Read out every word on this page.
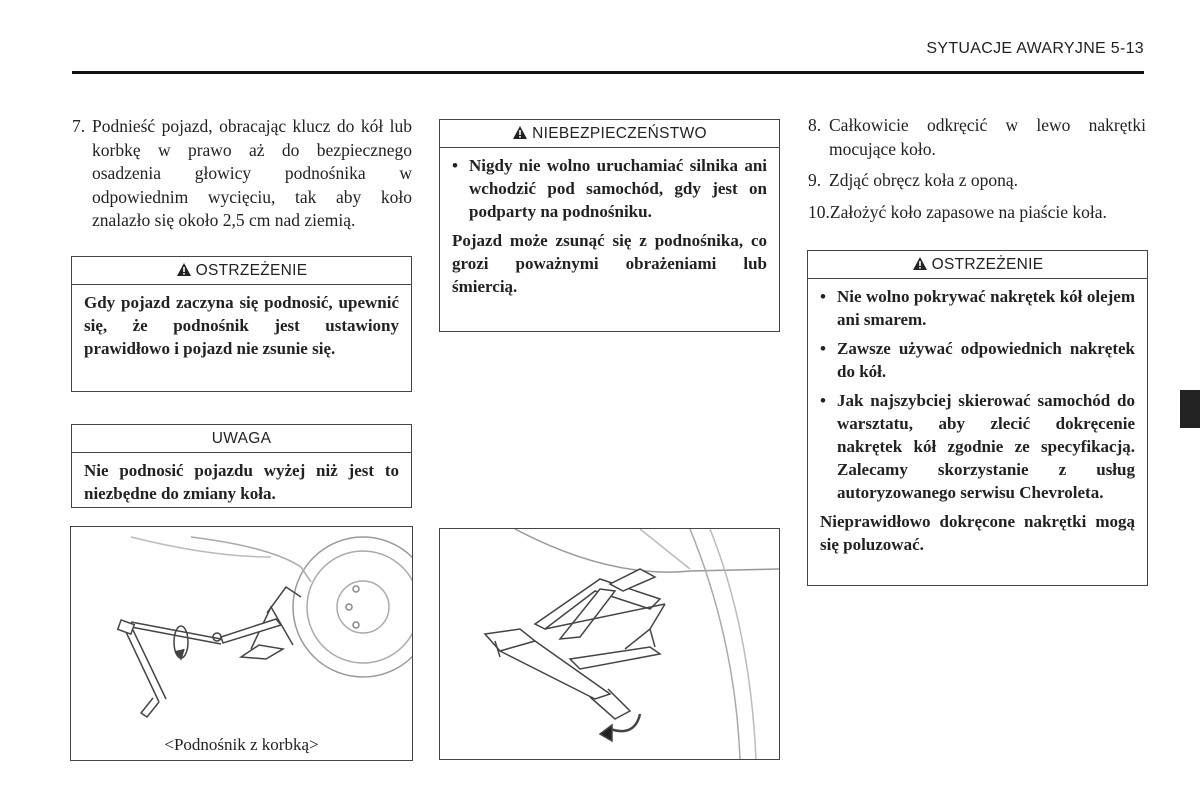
SYTUACJE AWARYJNE 5-13
7. Podnieść pojazd, obracając klucz do kół lub korbkę w prawo aż do bezpiecznego osadzenia głowicy podnośnika w odpowiednim wycięciu, tak aby koło znalazło się około 2,5 cm nad ziemią.
OSTRZEŻENIE
Gdy pojazd zaczyna się podnosić, upewnić się, że podnośnik jest ustawiony prawidłowo i pojazd nie zsunie się.
UWAGA
Nie podnosić pojazdu wyżej niż jest to niezbędne do zmiany koła.
NIEBEZPIECZEŃSTWO
• Nigdy nie wolno uruchamiać silnika ani wchodzić pod samochód, gdy jest on podparty na podnośniku.
Pojazd może zsunąć się z podnośnika, co grozi poważnymi obrażeniami lub śmiercią.
8. Całkowicie odkręcić w lewo nakrętki mocujące koło.
9. Zdjąć obręcz koła z oponą.
10.Założyć koło zapasowe na piaście koła.
OSTRZEŻENIE
• Nie wolno pokrywać nakrętek kół olejem ani smarem.
• Zawsze używać odpowiednich nakrętek do kół.
• Jak najszybciej skierować samochód do warsztatu, aby zlecić dokręcenie nakrętek kół zgodnie ze specyfikacją. Zalecamy skorzystanie z usług autoryzowanego serwisu Chevroleta.
Nieprawidłowo dokręcone nakrętki mogą się poluzować.
<Podnośnik z korbką>
